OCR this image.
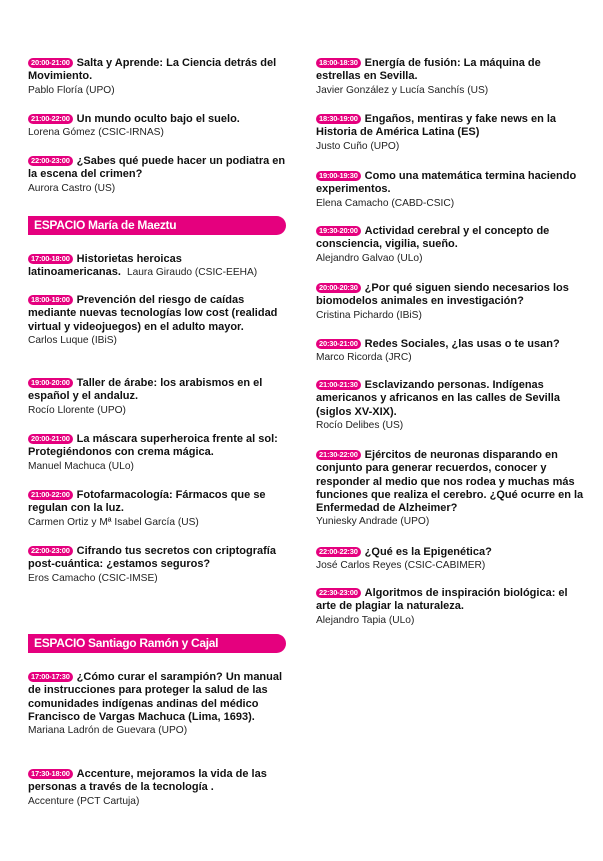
20:00-21:00 Salta y Aprende: La Ciencia detrás del Movimiento.
Pablo Floría (UPO)
21:00-22:00 Un mundo oculto bajo el suelo.
Lorena Gómez (CSIC-IRNAS)
22:00-23:00 ¿Sabes qué puede hacer un podiatra en la escena del crimen?
Aurora Castro (US)
ESPACIO María de Maeztu
17:00-18:00 Historietas heroicas latinoamericanas. Laura Giraudo (CSIC-EEHA)
18:00-19:00 Prevención del riesgo de caídas mediante nuevas tecnologías low cost (realidad virtual y videojuegos) en el adulto mayor.
Carlos Luque (IBiS)
19:00-20:00 Taller de árabe: los arabismos en el español y el andaluz.
Rocío Llorente (UPO)
20:00-21:00 La máscara superheroica frente al sol: Protegiéndonos con crema mágica.
Manuel Machuca (ULo)
21:00-22:00 Fotofarmacología: Fármacos que se regulan con la luz.
Carmen Ortiz y Mª Isabel García (US)
22:00-23:00 Cifrando tus secretos con criptografía post-cuántica: ¿estamos seguros?
Eros Camacho (CSIC-IMSE)
ESPACIO Santiago Ramón y Cajal
17:00-17:30 ¿Cómo curar el sarampión? Un manual de instrucciones para proteger la salud de las comunidades indígenas andinas del médico Francisco de Vargas Machuca (Lima, 1693).
Mariana Ladrón de Guevara (UPO)
17:30-18:00 Accenture, mejoramos la vida de las personas a través de la tecnología .
Accenture (PCT Cartuja)
18:00-18:30 Energía de fusión: La máquina de estrellas en Sevilla.
Javier González y Lucía Sanchís (US)
18:30-19:00 Engaños, mentiras y fake news en la Historia de América Latina (ES)
Justo Cuño (UPO)
19:00-19:30 Como una matemática termina haciendo experimentos.
Elena Camacho (CABD-CSIC)
19:30-20:00 Actividad cerebral y el concepto de consciencia, vigilia, sueño.
Alejandro Galvao (ULo)
20:00-20:30 ¿Por qué siguen siendo necesarios los biomodelos animales en investigación?
Cristina Pichardo (IBiS)
20:30-21:00 Redes Sociales, ¿las usas o te usan?
Marco Ricorda (JRC)
21:00-21:30 Esclavizando personas. Indígenas americanos y africanos en las calles de Sevilla (siglos XV-XIX).
Rocío Delibes (US)
21:30-22:00 Ejércitos de neuronas disparando en conjunto para generar recuerdos, conocer y responder al medio que nos rodea y muchas más funciones que realiza el cerebro. ¿Qué ocurre en la Enfermedad de Alzheimer?
Yuniesky Andrade (UPO)
22:00-22:30 ¿Qué es la Epigenética?
José Carlos Reyes (CSIC-CABIMER)
22:30-23:00 Algoritmos de inspiración biológica: el arte de plagiar la naturaleza.
Alejandro Tapia (ULo)
